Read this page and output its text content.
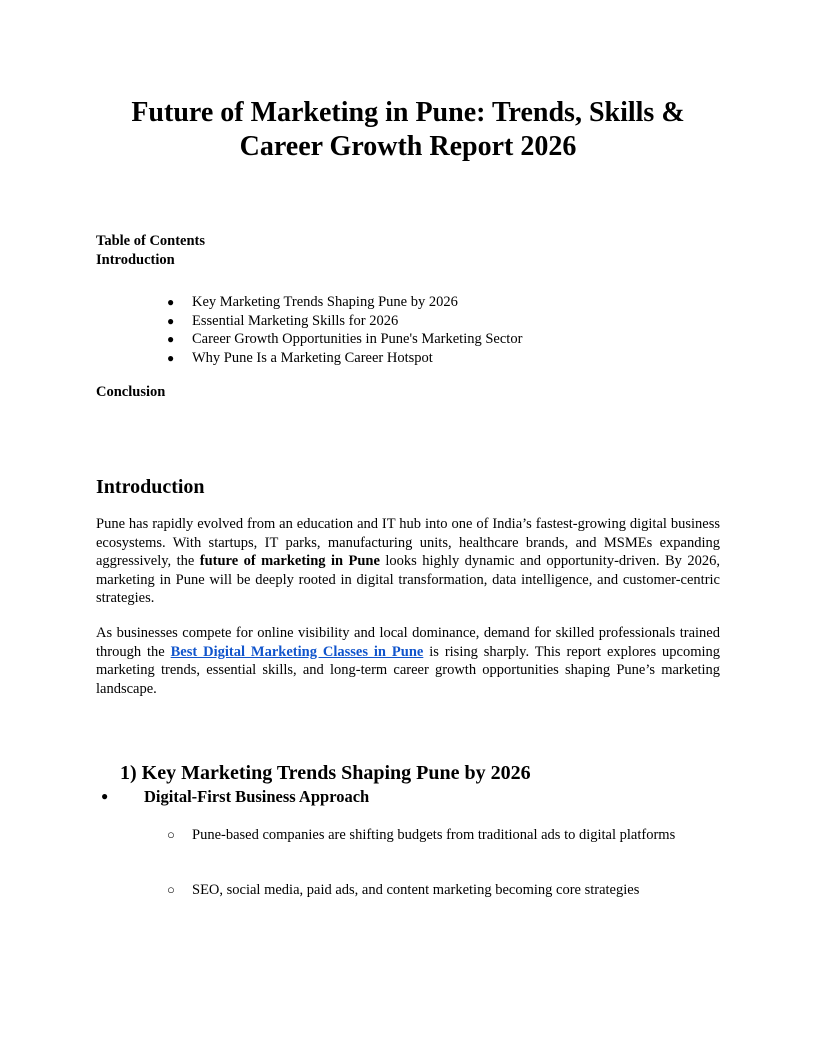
Future of Marketing in Pune: Trends, Skills &
Career Growth Report 2026

Table of Contents

Introduction

● Key Marketing Trends Shaping Pune by 2026
● Essential Marketing Skills for 2026
● Career Growth Opportunities in Pune's Marketing Sector
● Why Pune Is a Marketing Career Hotspot

Conclusion

Introduction

Pune has rapidly evolved from an education and IT hub into one of India’s fastest-growing digital business ecosystems. With startups, IT parks, manufacturing units, healthcare brands, and MSMEs expanding aggressively, the future of marketing in Pune looks highly dynamic and opportunity-driven. By 2026, marketing in Pune will be deeply rooted in digital transformation, data intelligence, and customer-centric strategies.

As businesses compete for online visibility and local dominance, demand for skilled professionals trained through the Best Digital Marketing Classes in Pune is rising sharply. This report explores upcoming marketing trends, essential skills, and long-term career growth opportunities shaping Pune’s marketing landscape.

1) Key Marketing Trends Shaping Pune by 2026
● Digital-First Business Approach
○ Pune-based companies are shifting budgets from traditional ads to digital platforms
○ SEO, social media, paid ads, and content marketing becoming core strategies
